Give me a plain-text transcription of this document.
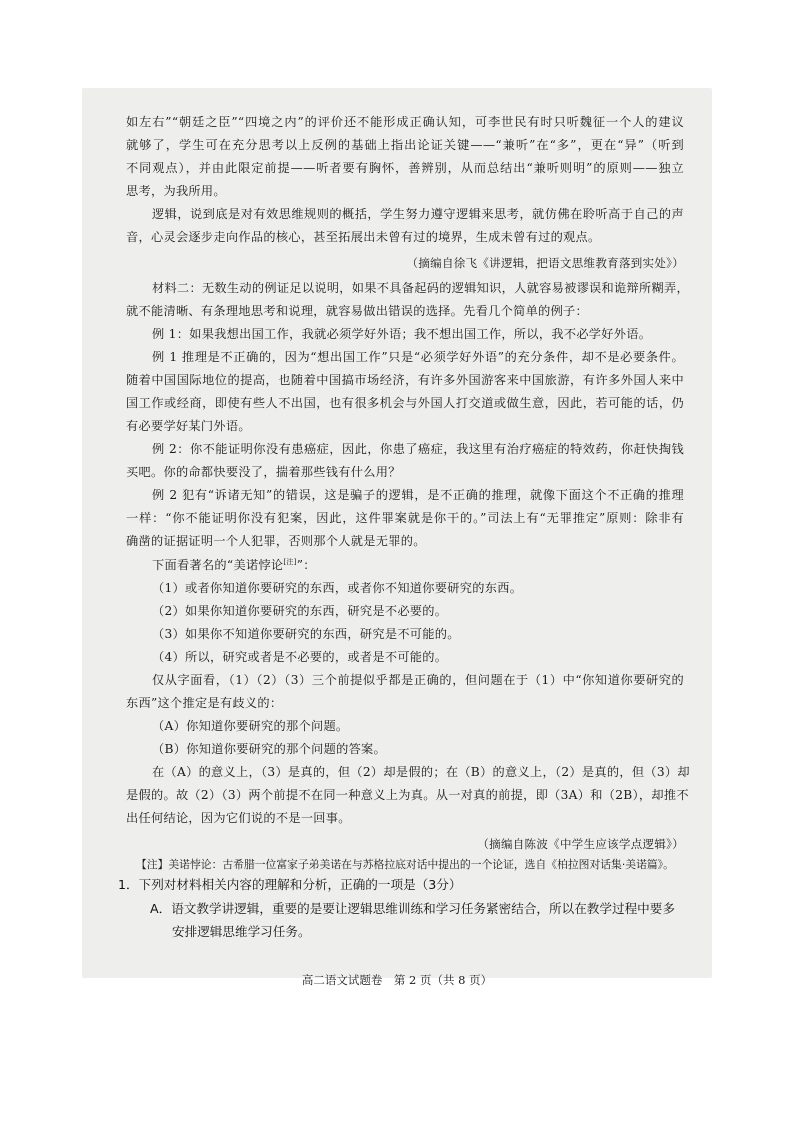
如左右”“朝廷之臣”“四境之内”的评价还不能形成正确认知，可李世民有时只听魏征一个人的建议
就够了，学生可在充分思考以上反例的基础上指出论证关键——“兼听”在“多”，更在“异”（听到
不同观点），并由此限定前提——听者要有胸怀，善辨别，从而总结出“兼听则明”的原则——独立
思考，为我所用。
逻辑，说到底是对有效思维规则的概括，学生努力遵守逻辑来思考，就仿佛在聆听高于自己的声
音，心灵会逐步走向作品的核心，甚至拓展出未曾有过的境界，生成未曾有过的观点。
（摘编自徐飞《讲逻辑，把语文思维教育落到实处》）
材料二：无数生动的例证足以说明，如果不具备起码的逻辑知识，人就容易被谬误和诡辩所糊弄，
就不能清晰、有条理地思考和说理，就容易做出错误的选择。先看几个简单的例子：
例 1：如果我想出国工作，我就必须学好外语；我不想出国工作，所以，我不必学好外语。
例 1 推理是不正确的，因为“想出国工作”只是“必须学好外语”的充分条件，却不是必要条件。
随着中国国际地位的提高，也随着中国搞市场经济，有许多外国游客来中国旅游，有许多外国人来中
国工作或经商，即使有些人不出国，也有很多机会与外国人打交道或做生意，因此，若可能的话，仍
有必要学好某门外语。
例 2：你不能证明你没有患癌症，因此，你患了癌症，我这里有治疗癌症的特效药，你赶快掏钱
买吧。你的命都快要没了，揣着那些钱有什么用？
例 2 犯有“诉诸无知”的错误，这是骗子的逻辑，是不正确的推理，就像下面这个不正确的推理
一样：“你不能证明你没有犯案，因此，这件罪案就是你干的。”司法上有“无罪推定”原则：除非有
确凿的证据证明一个人犯罪，否则那个人就是无罪的。
下面看著名的“美诺悖论[注]”：
（1）或者你知道你要研究的东西，或者你不知道你要研究的东西。
（2）如果你知道你要研究的东西，研究是不必要的。
（3）如果你不知道你要研究的东西，研究是不可能的。
（4）所以，研究或者是不必要的，或者是不可能的。
仅从字面看，（1）（2）（3）三个前提似乎都是正确的，但问题在于（1）中“你知道你要研究的
东西”这个推定是有歧义的：
（A）你知道你要研究的那个问题。
（B）你知道你要研究的那个问题的答案。
在（A）的意义上，（3）是真的，但（2）却是假的；在（B）的意义上，（2）是真的，但（3）却
是假的。故（2）（3）两个前提不在同一种意义上为真。从一对真的前提，即（3A）和（2B），却推不
出任何结论，因为它们说的不是一回事。
（摘编自陈波《中学生应该学点逻辑》）
【注】美诺悖论：古希腊一位富家子弟美诺在与苏格拉底对话中提出的一个论证，选自《柏拉图对话集·美诺篇》。
1．下列对材料相关内容的理解和分析，正确的一项是（3分）
A．语文教学讲逻辑，重要的是要让逻辑思维训练和学习任务紧密结合，所以在教学过程中要多
安排逻辑思维学习任务。
高二语文试题卷　第 2 页（共 8 页）
